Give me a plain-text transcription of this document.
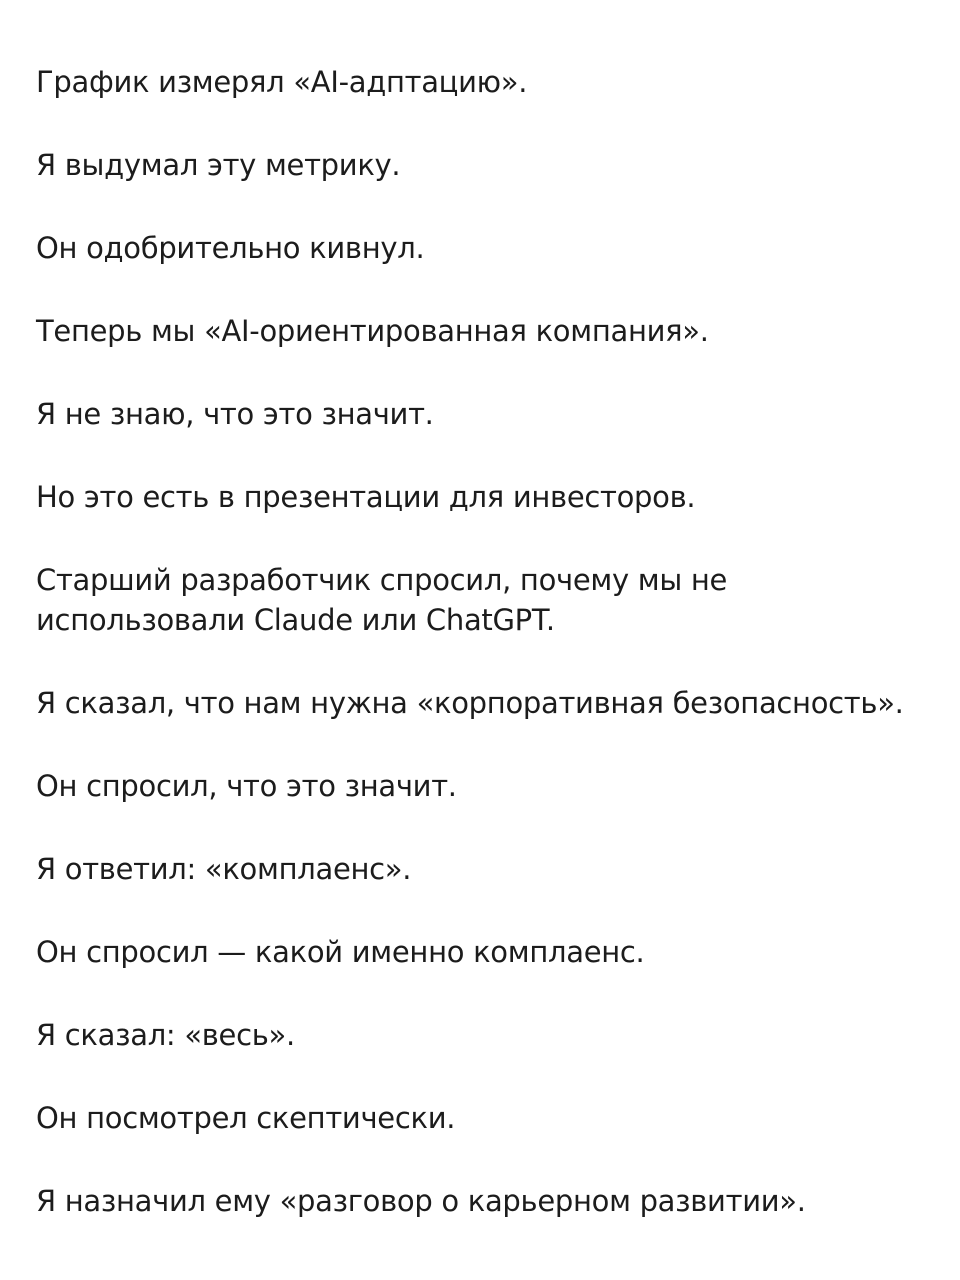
График измерял «AI-адптацию».

Я выдумал эту метрику.

Он одобрительно кивнул.

Теперь мы «AI-ориентированная компания».

Я не знаю, что это значит.

Но это есть в презентации для инвесторов.

Старший разработчик спросил, почему мы не использовали Claude или ChatGPT.

Я сказал, что нам нужна «корпоративная безопасность».

Он спросил, что это значит.

Я ответил: «комплаенс».

Он спросил — какой именно комплаенс.

Я сказал: «весь».

Он посмотрел скептически.

Я назначил ему «разговор о карьерном развитии».
